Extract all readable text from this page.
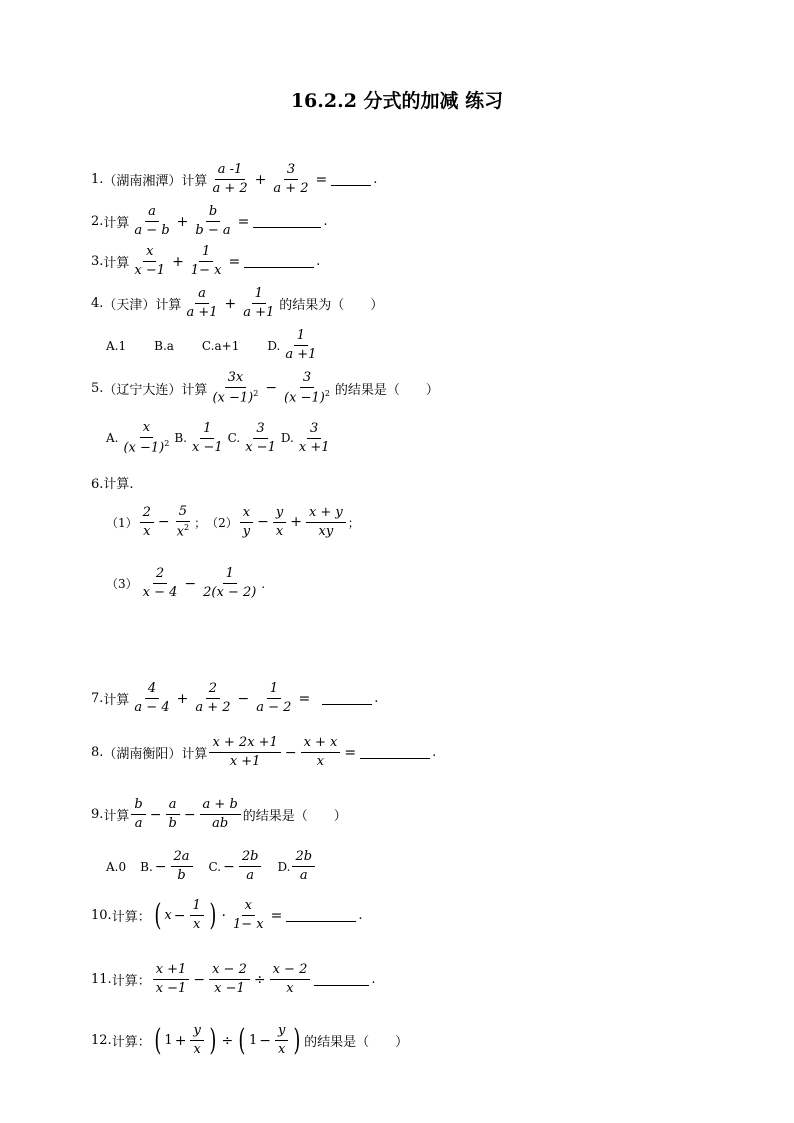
16.2.2 分式的加减 练习
1. （湖南湘潭） 计算 $\frac{a -1}{a + 2} + \frac{3}{a + 2}$ =	.
2. 计算 $\frac{a}{a - b} + \frac{b}{b - a}$ =	.
3. 计算 $\frac{x}{x -1} + \frac{1}{1- x}$ =	.
4. （天津） 计算 $\frac{a}{a +1} + \frac{1}{a +1}$ 的结果为（　　）
A.1 B.a C.a+1 D. $\frac{1}{a +1}$
5. （辽宁大连） 计算 $\frac{3x}{(x -1)^2} - \frac{3}{(x -1)^2}$ 的结果是（　　）
A. $\frac{x}{(x -1)^2} B$. $\frac{1}{x -1} C$. $\frac{3}{x -1} D$. $\frac{3}{x +1}$
6.计算.
$(1) \frac{2}{x} - \frac{5}{x^2}$ ； $(2) \frac{x}{y} - \frac{y}{x} + \frac{x + y}{xy}$ ；
$(3) \frac{2}{x - 4} - \frac{1}{2(x - 2)}$ .
7. 计算 $\frac{4}{a - 4} + \frac{2}{a + 2} - \frac{1}{a - 2}$ =	.
8. （湖南衡阳） 计算 $\frac{x + 2x +1}{x +1} - \frac{x + x}{x}$ =	.
9. 计算 $\frac{b}{a} - \frac{a}{b} - \frac{a + b}{ab}$ 的结果是（　　）
A.0 B. − $\frac{2a}{b} C$. − $\frac{2b}{a} D$. $\frac{2b}{a}$
10. 计算： ( $x - \frac{1}{x}$ ) · $\frac{x}{1- x}$ =	.
11. 计算： $\frac{x +1}{x -1} - \frac{x - 2}{x -1} \div \frac{x - 2}{x}$	.
12. 计算： ( $1 + \frac{y}{x}$ ) ÷ ( $1 - \frac{y}{x}$ ) 的结果是（　　）
